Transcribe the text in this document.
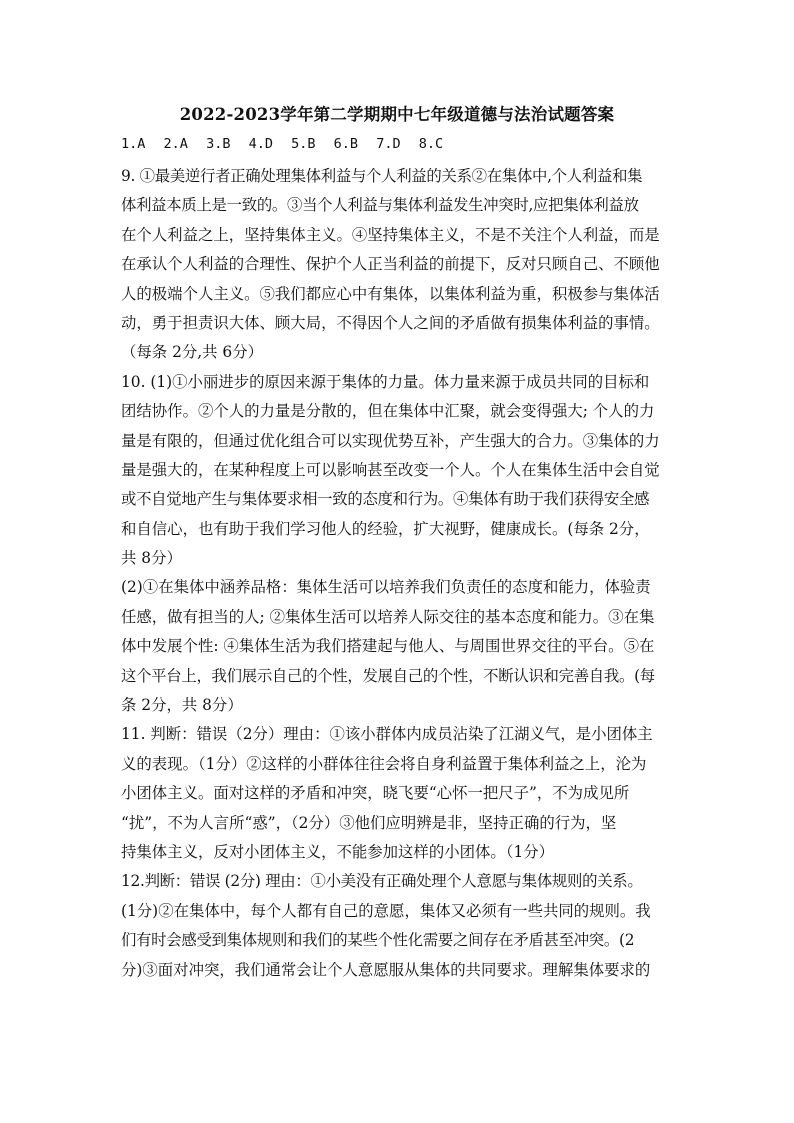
2022-2023学年第二学期期中七年级道德与法治试题答案
1.A 2.A 3.B 4.D 5.B 6.B 7.D 8.C
9. ①最美逆行者正确处理集体利益与个人利益的关系②在集体中,个人利益和集
体利益本质上是一致的。③当个人利益与集体利益发生冲突时,应把集体利益放
在个人利益之上，坚持集体主义。④坚持集体主义，不是不关注个人利益，而是
在承认个人利益的合理性、保护个人正当利益的前提下，反对只顾自己、不顾他
人的极端个人主义。⑤我们都应心中有集体，以集体利益为重，积极参与集体活
动，勇于担责识大体、顾大局，不得因个人之间的矛盾做有损集体利益的事情。
（每条 2分,共 6分）
10. (1)①小丽进步的原因来源于集体的力量。体力量来源于成员共同的目标和
团结协作。②个人的力量是分散的，但在集体中汇聚，就会变得强大; 个人的力
量是有限的，但通过优化组合可以实现优势互补，产生强大的合力。③集体的力
量是强大的，在某种程度上可以影响甚至改变一个人。个人在集体生活中会自觉
或不自觉地产生与集体要求相一致的态度和行为。④集体有助于我们获得安全感
和自信心，也有助于我们学习他人的经验，扩大视野，健康成长。(每条 2分，
共 8分）
(2)①在集体中涵养品格：集体生活可以培养我们负责任的态度和能力，体验责
任感，做有担当的人; ②集体生活可以培养人际交往的基本态度和能力。③在集
体中发展个性: ④集体生活为我们搭建起与他人、与周围世界交往的平台。⑤在
这个平台上，我们展示自己的个性，发展自己的个性，不断认识和完善自我。(每
条 2分，共 8分）
11. 判断：错误（2分）理由：①该小群体内成员沾染了江湖义气，是小团体主
义的表现。（1分）②这样的小群体往往会将自身利益置于集体利益之上，沦为
小团体主义。面对这样的矛盾和冲突，晓飞要“心怀一把尺子”，不为成见所
“扰”，不为人言所“惑”，（2分）③他们应明辨是非，坚持正确的行为，坚
持集体主义，反对小团体主义，不能参加这样的小团体。（1分）
12.判断：错误 (2分) 理由：①小美没有正确处理个人意愿与集体规则的关系。
(1分)②在集体中，每个人都有自己的意愿，集体又必须有一些共同的规则。我
们有时会感受到集体规则和我们的某些个性化需要之间存在矛盾甚至冲突。(2
分)③面对冲突，我们通常会让个人意愿服从集体的共同要求。理解集体要求的
